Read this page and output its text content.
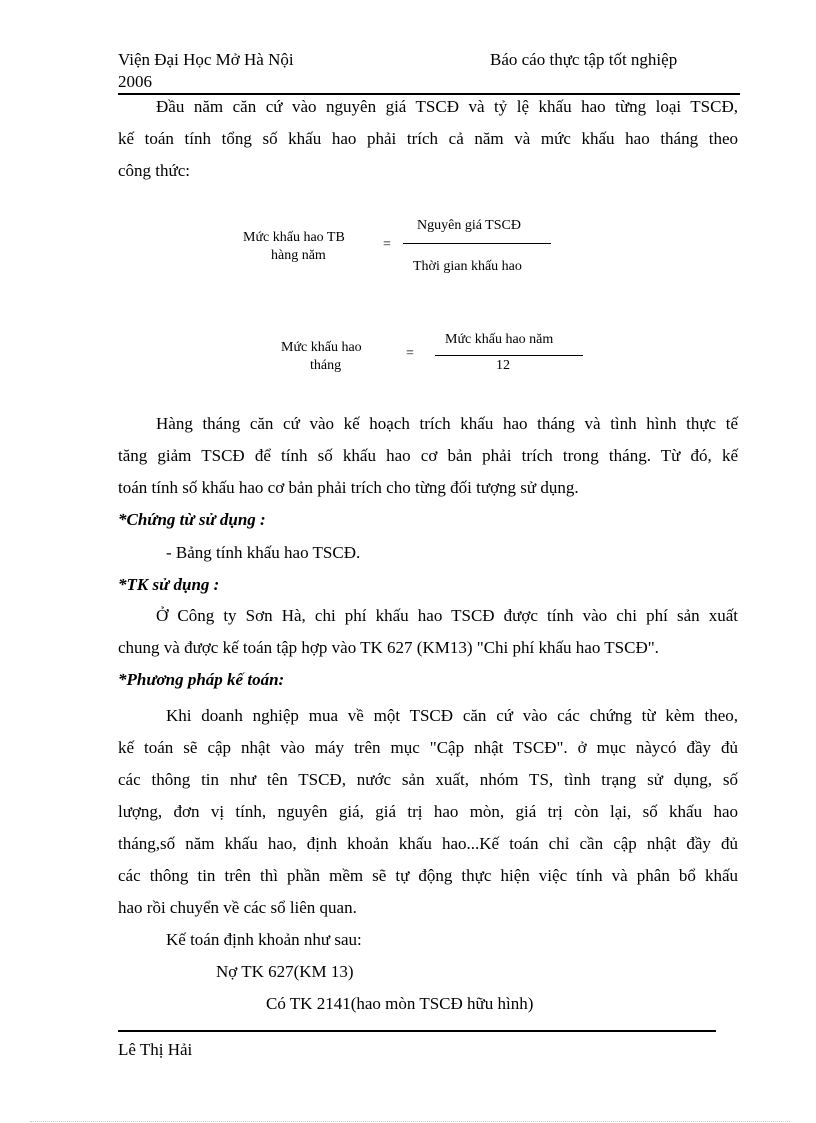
Viện Đại Học Mở Hà Nội
2006
Báo cáo thực tập tốt nghiệp
Đầu năm căn cứ vào nguyên giá TSCĐ và tỷ lệ khấu hao từng loại TSCĐ,
kế toán tính tổng số khấu hao phải trích cả năm và mức khấu hao tháng theo
công thức:
Mức khấu hao TB
hàng năm
=
Nguyên giá TSCĐ
Thời gian khấu hao
Mức khấu hao
tháng
=
Mức khấu hao năm
12
Hàng tháng căn cứ vào kế hoạch trích khấu hao tháng và tình hình thực tế
tăng giảm TSCĐ để tính số khấu hao cơ bản phải trích trong tháng. Từ đó, kế
toán tính số khấu hao cơ bản phải trích cho từng đối tượng sử dụng.
*Chứng từ sử dụng :
- Bảng tính khấu hao TSCĐ.
*TK sử dụng :
Ở Công ty Sơn Hà, chi phí khấu hao TSCĐ được tính vào chi phí sản xuất
chung và được kế toán tập hợp vào TK 627 (KM13) "Chi phí khấu hao TSCĐ".
*Phương pháp kế toán:
Khi doanh nghiệp mua về một TSCĐ căn cứ vào các chứng từ kèm theo,
kế toán sẽ cập nhật vào máy trên mục "Cập nhật TSCĐ". ở mục nàycó đầy đủ
các thông tin như tên TSCĐ, nước sản xuất, nhóm TS, tình trạng sử dụng, số
lượng, đơn vị tính, nguyên giá, giá trị hao mòn, giá trị còn lại, số khấu hao
tháng,số năm khấu hao, định khoản khấu hao...Kế toán chỉ cần cập nhật đầy đủ
các thông tin trên thì phần mềm sẽ tự động thực hiện việc tính và phân bổ khấu
hao rồi chuyển về các sổ liên quan.
Kế toán định khoản như sau:
Nợ TK 627(KM 13)
Có TK 2141(hao mòn TSCĐ hữu hình)
Lê Thị Hải
